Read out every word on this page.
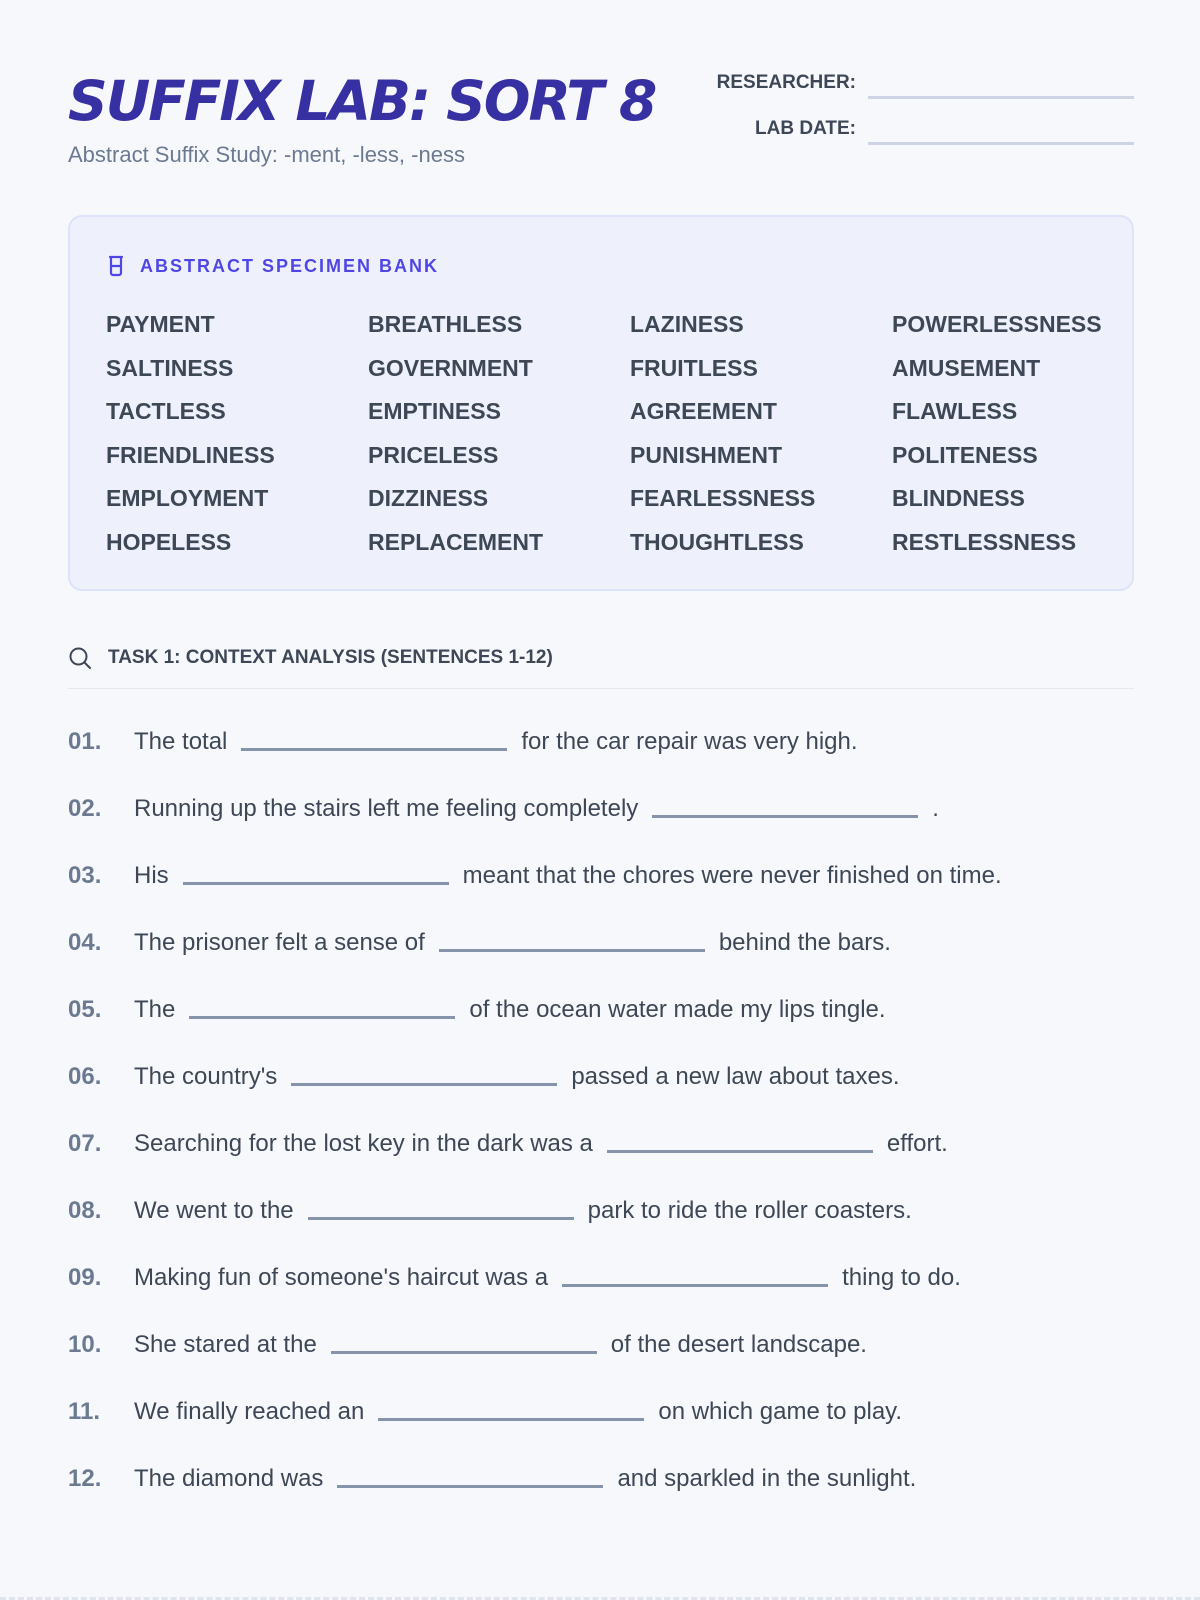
SUFFIX LAB: SORT 8
Abstract Suffix Study: -ment, -less, -ness
RESEARCHER:
LAB DATE:
ABSTRACT SPECIMEN BANK
PAYMENT	BREATHLESS	LAZINESS	POWERLESSNESS
SALTINESS	GOVERNMENT	FRUITLESS	AMUSEMENT
TACTLESS	EMPTINESS	AGREEMENT	FLAWLESS
FRIENDLINESS	PRICELESS	PUNISHMENT	POLITENESS
EMPLOYMENT	DIZZINESS	FEARLESSNESS	BLINDNESS
HOPELESS	REPLACEMENT	THOUGHTLESS	RESTLESSNESS
TASK 1: CONTEXT ANALYSIS (SENTENCES 1-12)
01.	The total	for the car repair was very high.
02.	Running up the stairs left me feeling completely	.
03.	His	meant that the chores were never finished on time.
04.	The prisoner felt a sense of	behind the bars.
05.	The	of the ocean water made my lips tingle.
06.	The country's	passed a new law about taxes.
07.	Searching for the lost key in the dark was a	effort.
08.	We went to the	park to ride the roller coasters.
09.	Making fun of someone's haircut was a	thing to do.
10.	She stared at the	of the desert landscape.
11.	We finally reached an	on which game to play.
12.	The diamond was	and sparkled in the sunlight.
